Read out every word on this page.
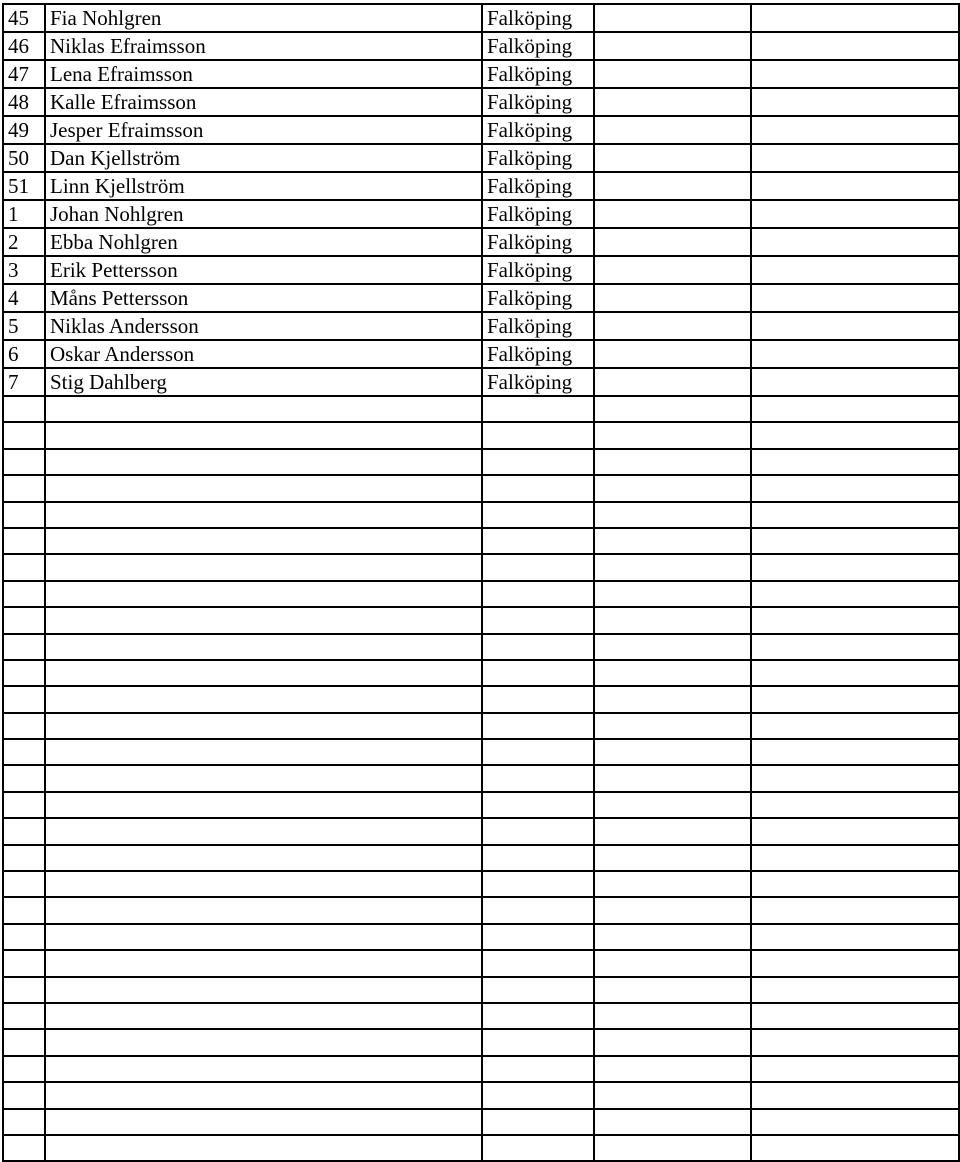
45	Fia Nohlgren	Falköping		
46	Niklas Efraimsson	Falköping		
47	Lena Efraimsson	Falköping		
48	Kalle Efraimsson	Falköping		
49	Jesper Efraimsson	Falköping		
50	Dan Kjellström	Falköping		
51	Linn Kjellström	Falköping		
1	Johan Nohlgren	Falköping		
2	Ebba Nohlgren	Falköping		
3	Erik Pettersson	Falköping		
4	Måns Pettersson	Falköping		
5	Niklas Andersson	Falköping		
6	Oskar Andersson	Falköping		
7	Stig Dahlberg	Falköping		
